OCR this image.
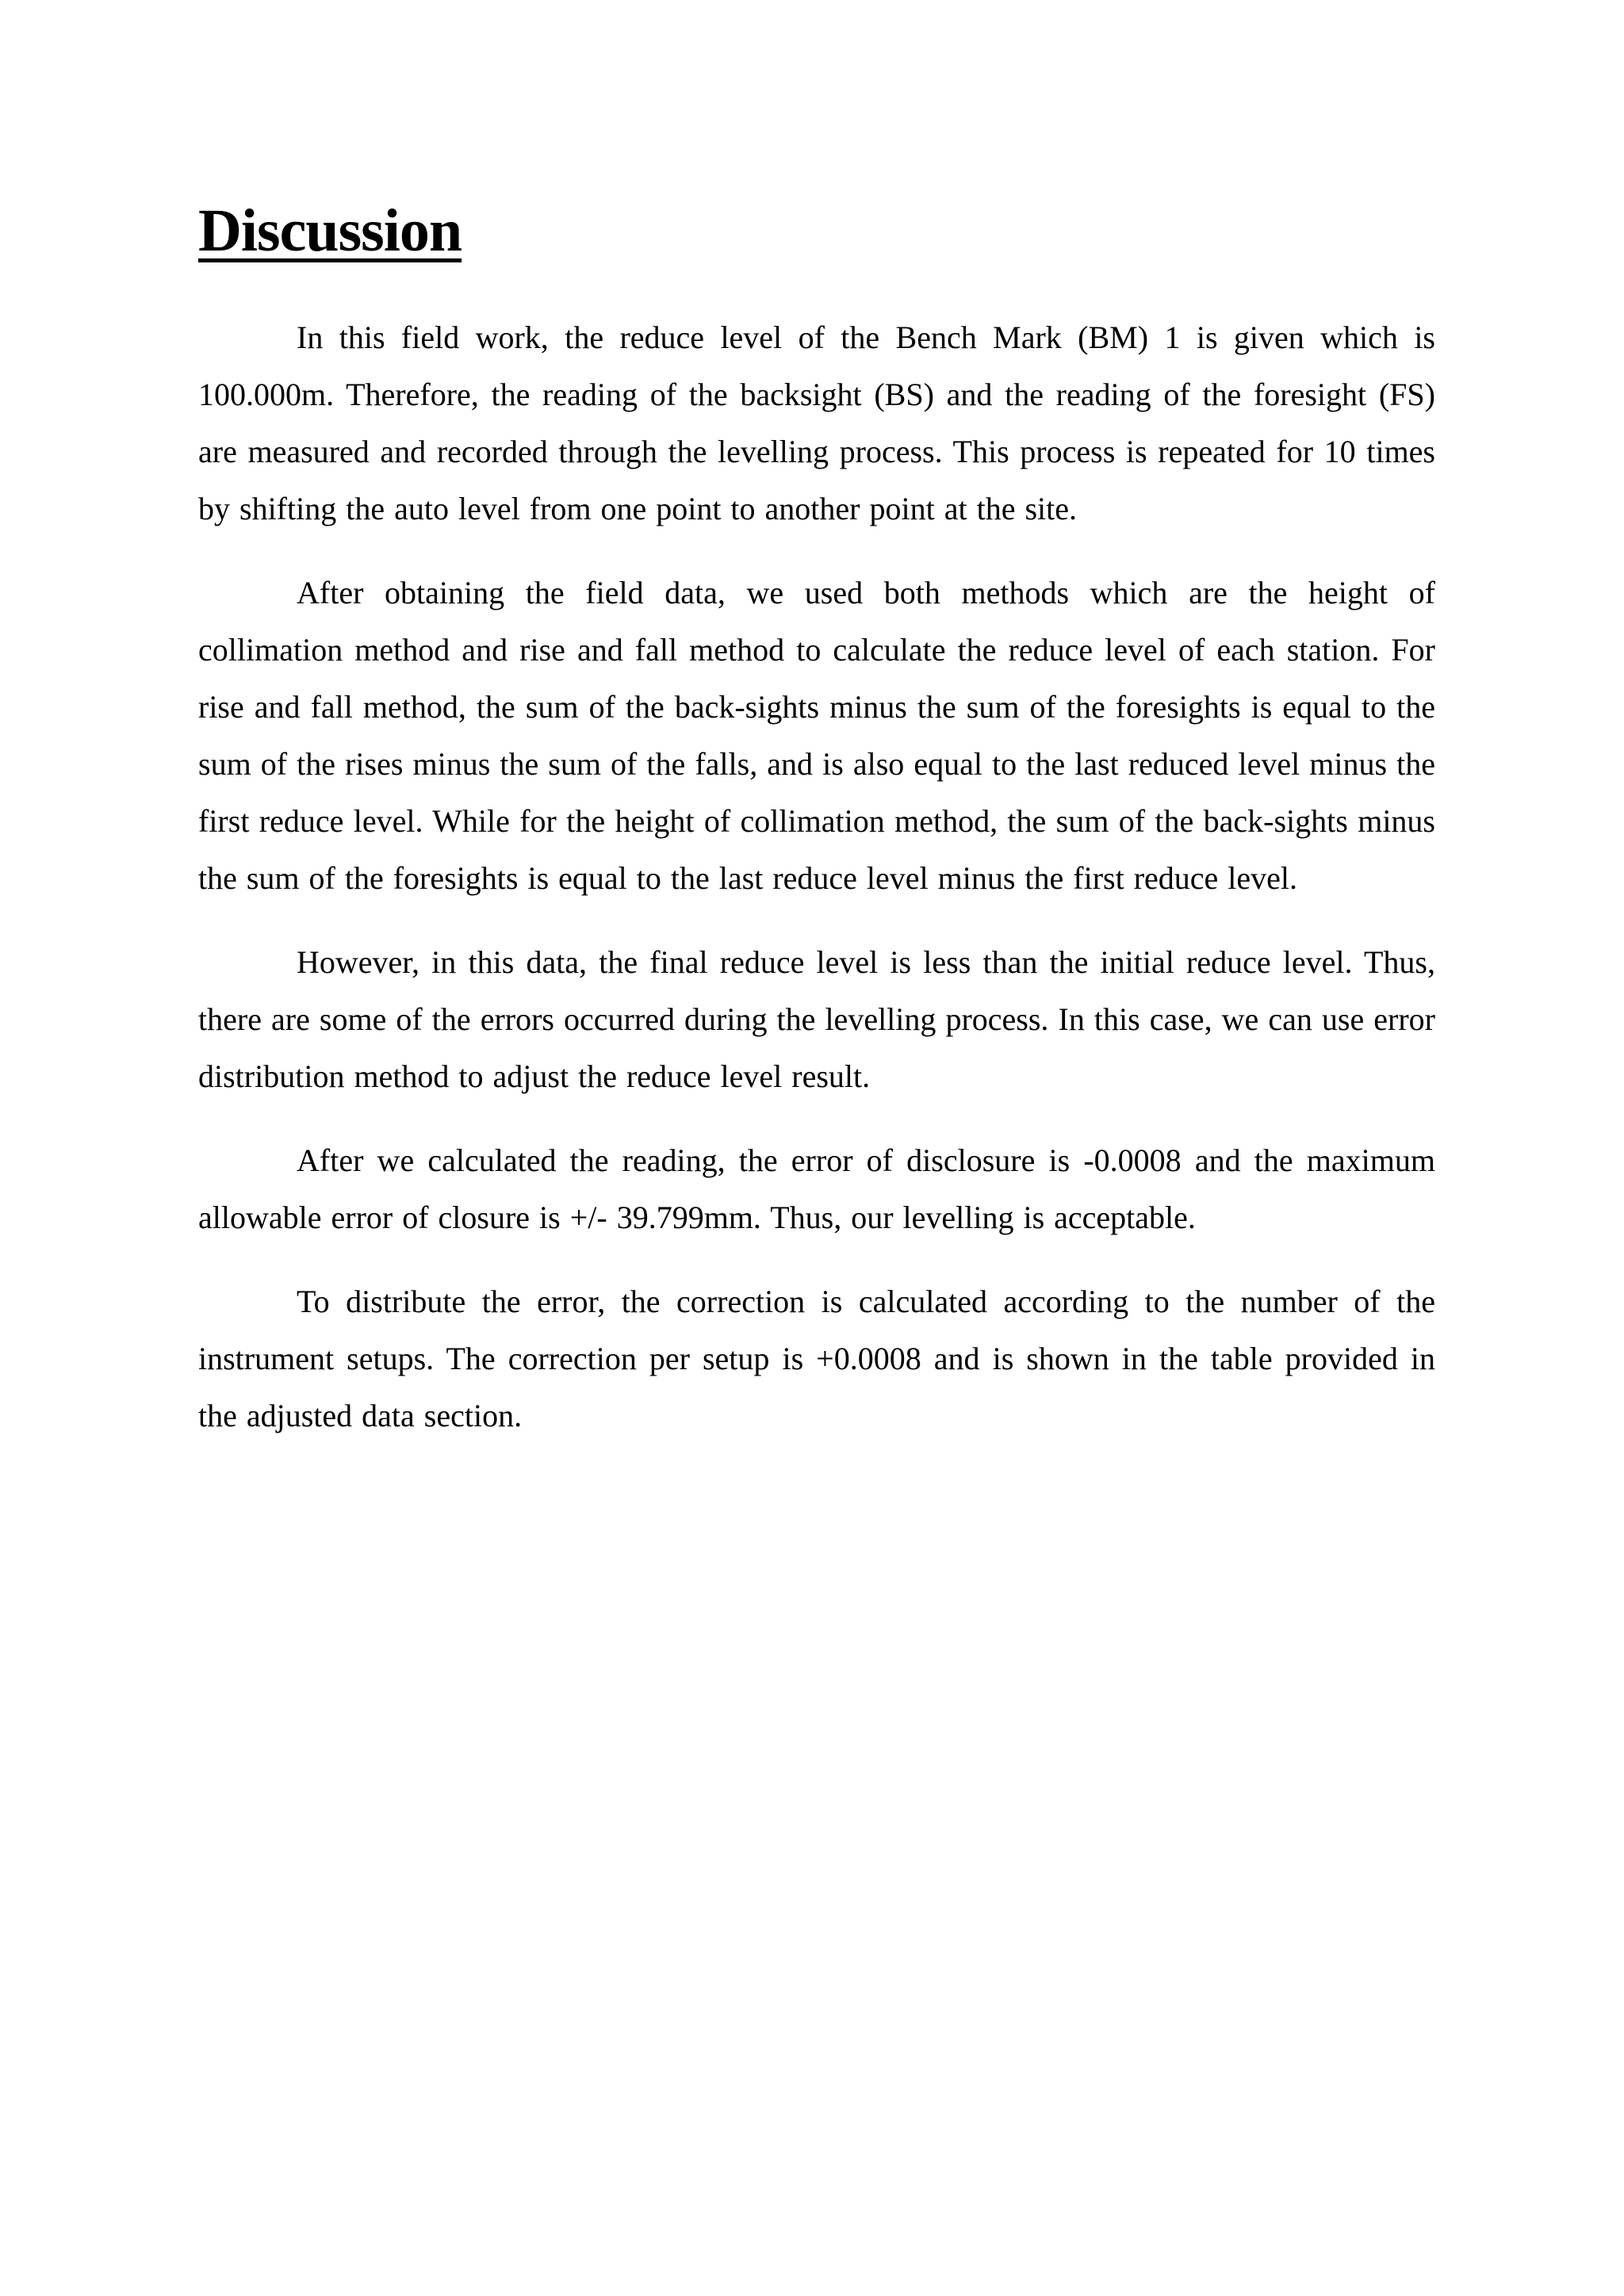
Discussion

In this field work, the reduce level of the Bench Mark (BM) 1 is given which is 100.000m. Therefore, the reading of the backsight (BS) and the reading of the foresight (FS) are measured and recorded through the levelling process. This process is repeated for 10 times by shifting the auto level from one point to another point at the site.

After obtaining the field data, we used both methods which are the height of collimation method and rise and fall method to calculate the reduce level of each station. For rise and fall method, the sum of the back-sights minus the sum of the foresights is equal to the sum of the rises minus the sum of the falls, and is also equal to the last reduced level minus the first reduce level. While for the height of collimation method, the sum of the back-sights minus the sum of the foresights is equal to the last reduce level minus the first reduce level.

However, in this data, the final reduce level is less than the initial reduce level. Thus, there are some of the errors occurred during the levelling process. In this case, we can use error distribution method to adjust the reduce level result.

After we calculated the reading, the error of disclosure is -0.0008 and the maximum allowable error of closure is +/- 39.799mm. Thus, our levelling is acceptable.

To distribute the error, the correction is calculated according to the number of the instrument setups. The correction per setup is +0.0008 and is shown in the table provided in the adjusted data section.
